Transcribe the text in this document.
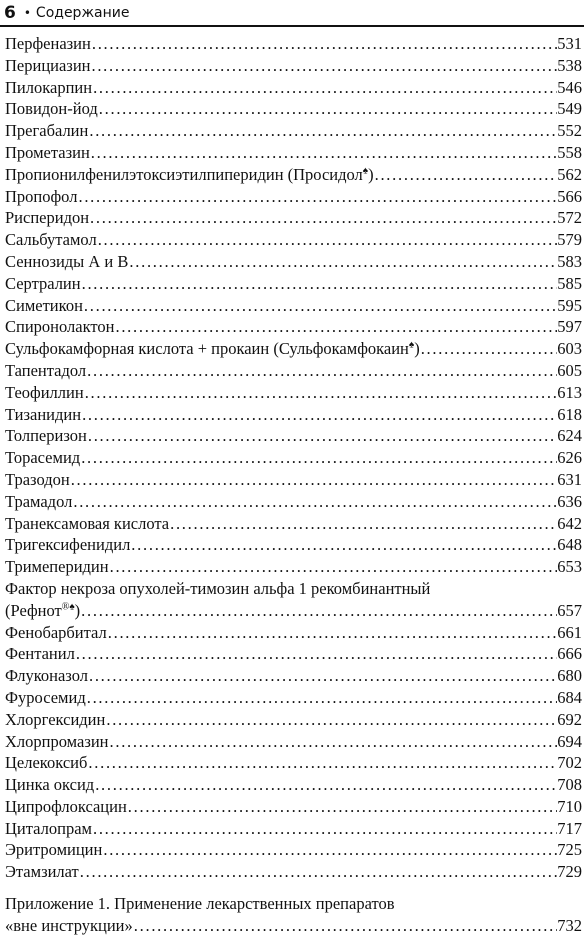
6 • Содержание
Перфеназин . . .	531
Перициазин . . .	538
Пилокарпин . . .	546
Повидон-йод . . .	549
Прегабалин . . .	552
Прометазин . . .	558
Пропионилфенилэтоксиэтилпиперидин (Просидол♠) . . .	562
Пропофол . . .	566
Рисперидон . . .	572
Сальбутамол . . .	579
Сеннозиды А и В . . .	583
Сертралин . . .	585
Симетикон . . .	595
Спиронолактон . . .	597
Сульфокамфорная кислота + прокаин (Сульфокамфокаин♠) . . .	603
Тапентадол . . .	605
Теофиллин . . .	613
Тизанидин . . .	618
Толперизон . . .	624
Торасемид . . .	626
Тразодон . . .	631
Трамадол . . .	636
Транексамовая кислота . . .	642
Тригексифенидил . . .	648
Тримеперидин . . .	653
Фактор некроза опухолей-тимозин альфа 1 рекомбинантный
(Рефнот®♠) . . .	657
Фенобарбитал . . .	661
Фентанил . . .	666
Флуконазол . . .	680
Фуросемид . . .	684
Хлоргексидин . . .	692
Хлорпромазин . . .	694
Целекоксиб . . .	702
Цинка оксид . . .	708
Ципрофлоксацин . . .	710
Циталопрам . . .	717
Эритромицин . . .	725
Этамзилат . . .	729
Приложение 1. Применение лекарственных препаратов
«вне инструкции» . . .	732
